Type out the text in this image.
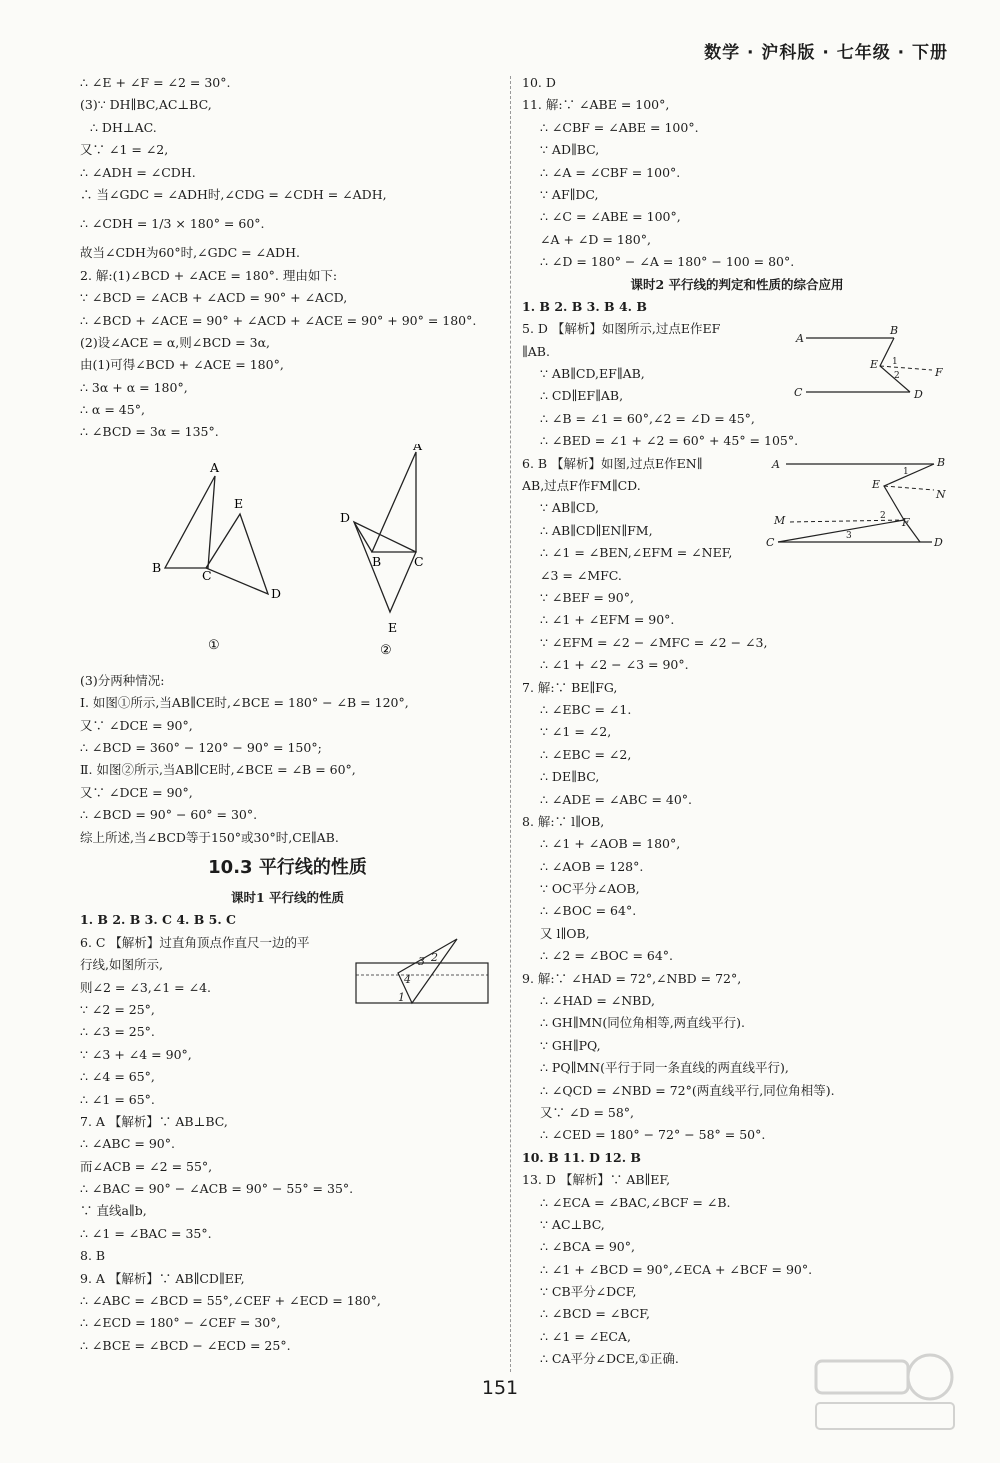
数学 · 沪科版 · 七年级 · 下册
∴ ∠E + ∠F = ∠2 = 30°.
(3)∵ DH∥BC,AC⊥BC,
∴ DH⊥AC.
又∵ ∠1 = ∠2,
∴ ∠ADH = ∠CDH.
∴ 当∠GDC = ∠ADH时,∠CDG = ∠CDH = ∠ADH,
∴ ∠CDH = 1/3 × 180° = 60°.
故当∠CDH为60°时,∠GDC = ∠ADH.
2. 解:(1)∠BCD + ∠ACE = 180°. 理由如下:
∵ ∠BCD = ∠ACB + ∠ACD = 90° + ∠ACD,
∴ ∠BCD + ∠ACE = 90° + ∠ACD + ∠ACE = 90° + 90° = 180°.
(2)设∠ACE = α,则∠BCD = 3α,
由(1)可得∠BCD + ∠ACE = 180°,
∴ 3α + α = 180°,
∴ α = 45°,
∴ ∠BCD = 3α = 135°.
A
E
B
C
D
①
A
D
B	C
E
②
(3)分两种情况:
Ⅰ. 如图①所示,当AB∥CE时,∠BCE = 180° − ∠B = 120°,
又∵ ∠DCE = 90°,
∴ ∠BCD = 360° − 120° − 90° = 150°;
Ⅱ. 如图②所示,当AB∥CE时,∠BCE = ∠B = 60°,
又∵ ∠DCE = 90°,
∴ ∠BCD = 90° − 60° = 30°.
综上所述,当∠BCD等于150°或30°时,CE∥AB.
10.3 平行线的性质
课时1 平行线的性质
1. B 2. B 3. C 4. B 5. C
6. C 【解析】过直角顶点作直尺一边的平
行线,如图所示,
则∠2 = ∠3,∠1 = ∠4.
∵ ∠2 = 25°,
∴ ∠3 = 25°.
∵ ∠3 + ∠4 = 90°,
∴ ∠4 = 65°,
∴ ∠1 = 65°.
7. A 【解析】∵ AB⊥BC,
∴ ∠ABC = 90°.
而∠ACB = ∠2 = 55°,
∴ ∠BAC = 90° − ∠ACB = 90° − 55° = 35°.
∵ 直线a∥b,
∴ ∠1 = ∠BAC = 35°.
8. B
9. A 【解析】∵ AB∥CD∥EF,
∴ ∠ABC = ∠BCD = 55°,∠CEF + ∠ECD = 180°,
∴ ∠ECD = 180° − ∠CEF = 30°,
∴ ∠BCE = ∠BCD − ∠ECD = 25°.
2
3
4
1
10. D
11. 解:∵ ∠ABE = 100°,
∴ ∠CBF = ∠ABE = 100°.
∵ AD∥BC,
∴ ∠A = ∠CBF = 100°.
∵ AF∥DC,
∴ ∠C = ∠ABE = 100°,
∠A + ∠D = 180°,
∴ ∠D = 180° − ∠A = 180° − 100 = 80°.
课时2 平行线的判定和性质的综合应用
1. B 2. B 3. B 4. B
5. D 【解析】如图所示,过点E作EF
∥AB.
∵ AB∥CD,EF∥AB,
∴ CD∥EF∥AB,
∴ ∠B = ∠1 = 60°,∠2 = ∠D = 45°,
∴ ∠BED = ∠1 + ∠2 = 60° + 45° = 105°.
6. B 【解析】如图,过点E作EN∥
AB,过点F作FM∥CD.
∵ AB∥CD,
∴ AB∥CD∥EN∥FM,
∴ ∠1 = ∠BEN,∠EFM = ∠NEF,
∠3 = ∠MFC.
∵ ∠BEF = 90°,
∴ ∠1 + ∠EFM = 90°.
∵ ∠EFM = ∠2 − ∠MFC = ∠2 − ∠3,
∴ ∠1 + ∠2 − ∠3 = 90°.
7. 解:∵ BE∥FG,
∴ ∠EBC = ∠1.
∵ ∠1 = ∠2,
∴ ∠EBC = ∠2,
∴ DE∥BC,
∴ ∠ADE = ∠ABC = 40°.
8. 解:∵ l∥OB,
∴ ∠1 + ∠AOB = 180°,
∴ ∠AOB = 128°.
∵ OC平分∠AOB,
∴ ∠BOC = 64°.
又 l∥OB,
∴ ∠2 = ∠BOC = 64°.
9. 解:∵ ∠HAD = 72°,∠NBD = 72°,
∴ ∠HAD = ∠NBD,
∴ GH∥MN(同位角相等,两直线平行).
∵ GH∥PQ,
∴ PQ∥MN(平行于同一条直线的两直线平行),
∴ ∠QCD = ∠NBD = 72°(两直线平行,同位角相等).
又∵ ∠D = 58°,
∴ ∠CED = 180° − 72° − 58° = 50°.
10. B 11. D 12. B
13. D 【解析】∵ AB∥EF,
∴ ∠ECA = ∠BAC,∠BCF = ∠B.
∵ AC⊥BC,
∴ ∠BCA = 90°,
∴ ∠1 + ∠BCD = 90°,∠ECA + ∠BCF = 90°.
∵ CB平分∠DCF,
∴ ∠BCD = ∠BCF,
∴ ∠1 = ∠ECA,
∴ CA平分∠DCE,①正确.
A
B
E 1
2	F
C	D
A	B
E
1
N
M	2 F
3
C	D
151
